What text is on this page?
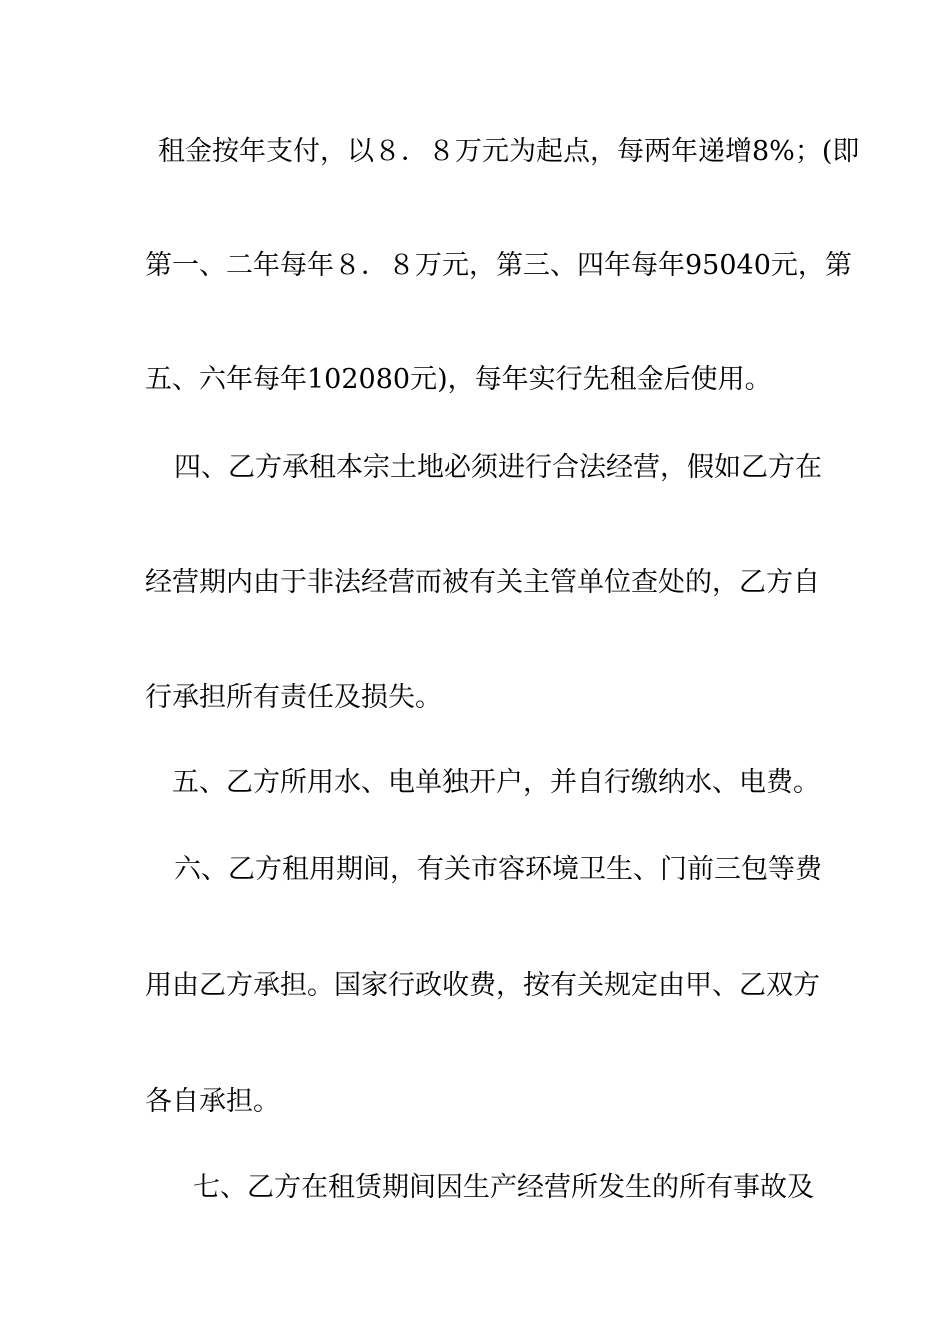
租金按年支付，以８．８万元为起点，每两年递增8%；(即

第一、二年每年８．８万元，第三、四年每年95040元，第

五、六年每年102080元)，每年实行先租金后使用。

四、乙方承租本宗土地必须进行合法经营，假如乙方在

经营期内由于非法经营而被有关主管单位查处的，乙方自

行承担所有责任及损失。

五、乙方所用水、电单独开户，并自行缴纳水、电费。

六、乙方租用期间，有关市容环境卫生、门前三包等费

用由乙方承担。国家行政收费，按有关规定由甲、乙双方

各自承担。

七、乙方在租赁期间因生产经营所发生的所有事故及
